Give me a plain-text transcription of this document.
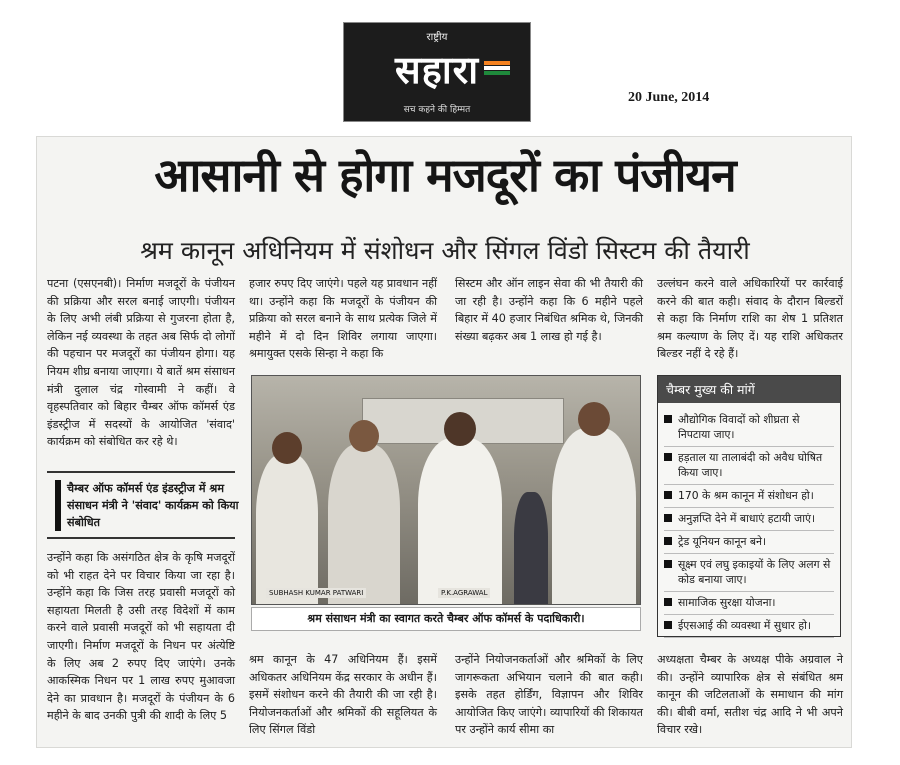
राष्ट्रीय
सहारा
सच कहने की हिम्मत
20 June, 2014
आसानी से होगा मजदूरों का पंजीयन
श्रम कानून अधिनियम में संशोधन और सिंगल विंडो सिस्टम की तैयारी
पटना (एसएनबी)। निर्माण मजदूरों के पंजीयन की प्रक्रिया और सरल बनाई जाएगी। पंजीयन के लिए अभी लंबी प्रक्रिया से गुजरना होता है, लेकिन नई व्यवस्था के तहत अब सिर्फ दो लोगों की पहचान पर मजदूरों का पंजीयन होगा। यह नियम शीघ्र बनाया जाएगा। ये बातें श्रम संसाधन मंत्री दुलाल चंद्र गोस्वामी ने कहीं। वे वृहस्पतिवार को बिहार चैम्बर ऑफ कॉमर्स एंड इंडस्ट्रीज में सदस्यों के आयोजित 'संवाद' कार्यक्रम को संबोधित कर रहे थे।
चैम्बर ऑफ कॉमर्स एंड इंडस्ट्रीज में श्रम संसाधन मंत्री ने 'संवाद' कार्यक्रम को किया संबोधित
उन्होंने कहा कि असंगठित क्षेत्र के कृषि मजदूरों को भी राहत देने पर विचार किया जा रहा है। उन्होंने कहा कि जिस तरह प्रवासी मजदूरों को सहायता मिलती है उसी तरह विदेशों में काम करने वाले प्रवासी मजदूरों को भी सहायता दी जाएगी। निर्माण मजदूरों के निधन पर अंत्येष्टि के लिए अब 2 रुपए दिए जाएंगे। उनके आकस्मिक निधन पर 1 लाख रुपए मुआवजा देने का प्रावधान है। मजदूरों के पंजीयन के 6 महीने के बाद उनकी पुत्री की शादी के लिए 5
हजार रुपए दिए जाएंगे। पहले यह प्रावधान नहीं था। उन्होंने कहा कि मजदूरों के पंजीयन की प्रक्रिया को सरल बनाने के साथ प्रत्येक जिले में महीने में दो दिन शिविर लगाया जाएगा। श्रमायुक्त एसके सिन्हा ने कहा कि
सिस्टम और ऑन लाइन सेवा की भी तैयारी की जा रही है। उन्होंने कहा कि 6 महीने पहले बिहार में 40 हजार निबंधित श्रमिक थे, जिनकी संख्या बढ़कर अब 1 लाख हो गई है।
उल्लंघन करने वाले अधिकारियों पर कार्रवाई करने की बात कही। संवाद के दौरान बिल्डरों से कहा कि निर्माण राशि का शेष 1 प्रतिशत श्रम कल्याण के लिए दें। यह राशि अधिकतर बिल्डर नहीं दे रहे हैं।
SUBHASH KUMAR PATWARI	P.K.AGRAWAL
श्रम संसाधन मंत्री का स्वागत करते चैम्बर ऑफ कॉमर्स के पदाधिकारी।
चैम्बर मुख्य की मांगें
औद्योगिक विवादों को शीघ्रता से निपटाया जाए।
हड़ताल या तालाबंदी को अवैध घोषित किया जाए।
170 के श्रम कानून में संशोधन हो।
अनुज्ञप्ति देने में बाधाएं हटायी जाएं।
ट्रेड यूनियन कानून बने।
सूक्ष्म एवं लघु इकाइयों के लिए अलग से कोड बनाया जाए।
सामाजिक सुरक्षा योजना।
ईएसआई की व्यवस्था में सुधार हो।
श्रम कानून के 47 अधिनियम हैं। इसमें अधिकतर अधिनियम केंद्र सरकार के अधीन हैं। इसमें संशोधन करने की तैयारी की जा रही है। नियोजनकर्ताओं और श्रमिकों की सहूलियत के लिए सिंगल विंडो
उन्होंने नियोजनकर्ताओं और श्रमिकों के लिए जागरूकता अभियान चलाने की बात कही। इसके तहत होर्डिंग, विज्ञापन और शिविर आयोजित किए जाएंगे। व्यापारियों की शिकायत पर उन्होंने कार्य सीमा का
अध्यक्षता चैम्बर के अध्यक्ष पीके अग्रवाल ने की। उन्होंने व्यापारिक क्षेत्र से संबंधित श्रम कानून की जटिलताओं के समाधान की मांग की। बीबी वर्मा, सतीश चंद्र आदि ने भी अपने विचार रखे।
